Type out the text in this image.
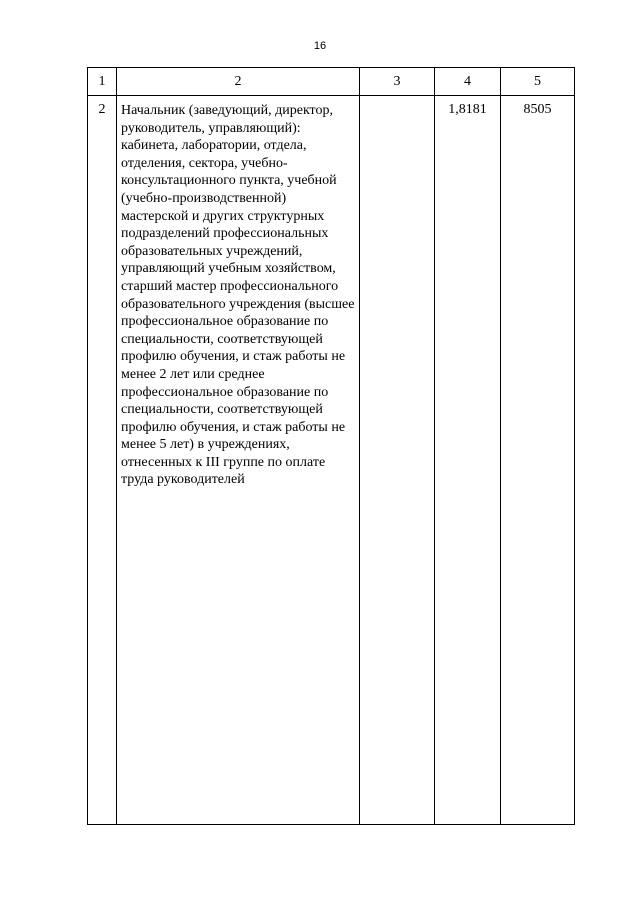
16
1	2	3	4	5
2	Начальник (заведующий, директор, руководитель, управляющий): кабинета, лаборатории, отдела, отделения, сектора, учебно-консультационного пункта, учебной (учебно-производственной) мастерской и других структурных подразделений профессиональных образовательных учреждений, управляющий учебным хозяйством, старший мастер профессионального образовательного учреждения (высшее профессиональное образование по специальности, соответствующей профилю обучения, и стаж работы не менее 2 лет или среднее профессиональное образование по специальности, соответствующей профилю обучения, и стаж работы не менее 5 лет) в учреждениях, отнесенных к III группе по оплате труда руководителей		1,8181	8505
